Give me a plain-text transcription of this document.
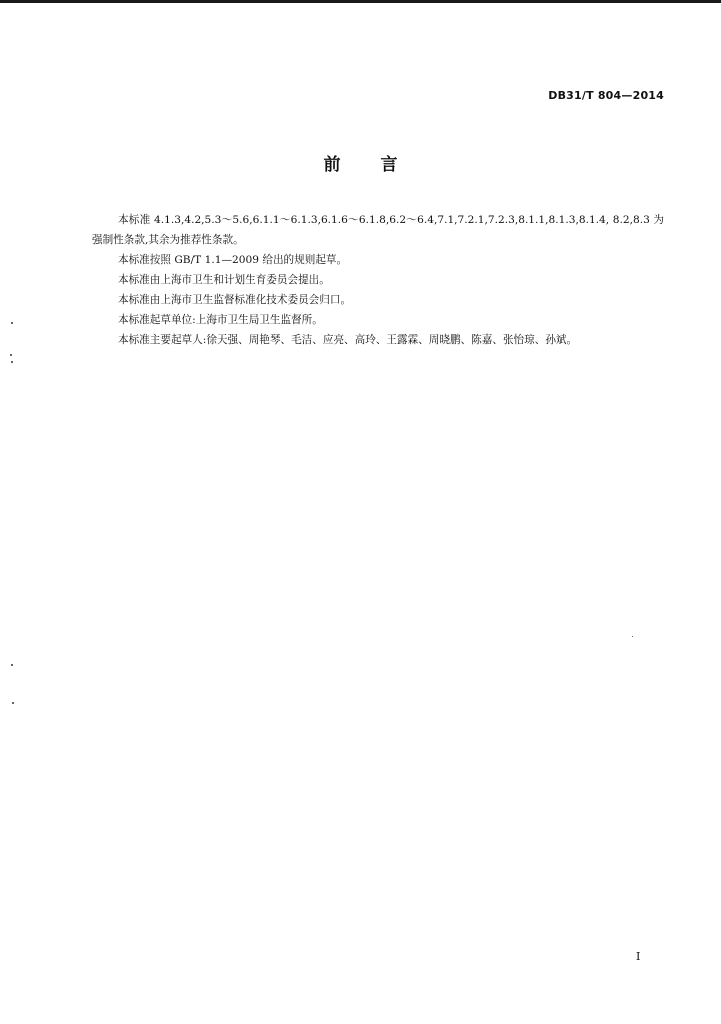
DB31/T 804—2014
前 言

本标准 4.1.3,4.2,5.3～5.6,6.1.1～6.1.3,6.1.6～6.1.8,6.2～6.4,7.1,7.2.1,7.2.3,8.1.1,8.1.3,8.1.4, 8.2,8.3 为强制性条款,其余为推荐性条款。

本标准按照 GB/T 1.1—2009 给出的规则起草。

本标准由上海市卫生和计划生育委员会提出。

本标准由上海市卫生监督标准化技术委员会归口。

本标准起草单位:上海市卫生局卫生监督所。

本标准主要起草人:徐天强、周艳琴、毛洁、应亮、高玲、王露霖、周晓鹏、陈嘉、张怡琼、孙斌。

I
